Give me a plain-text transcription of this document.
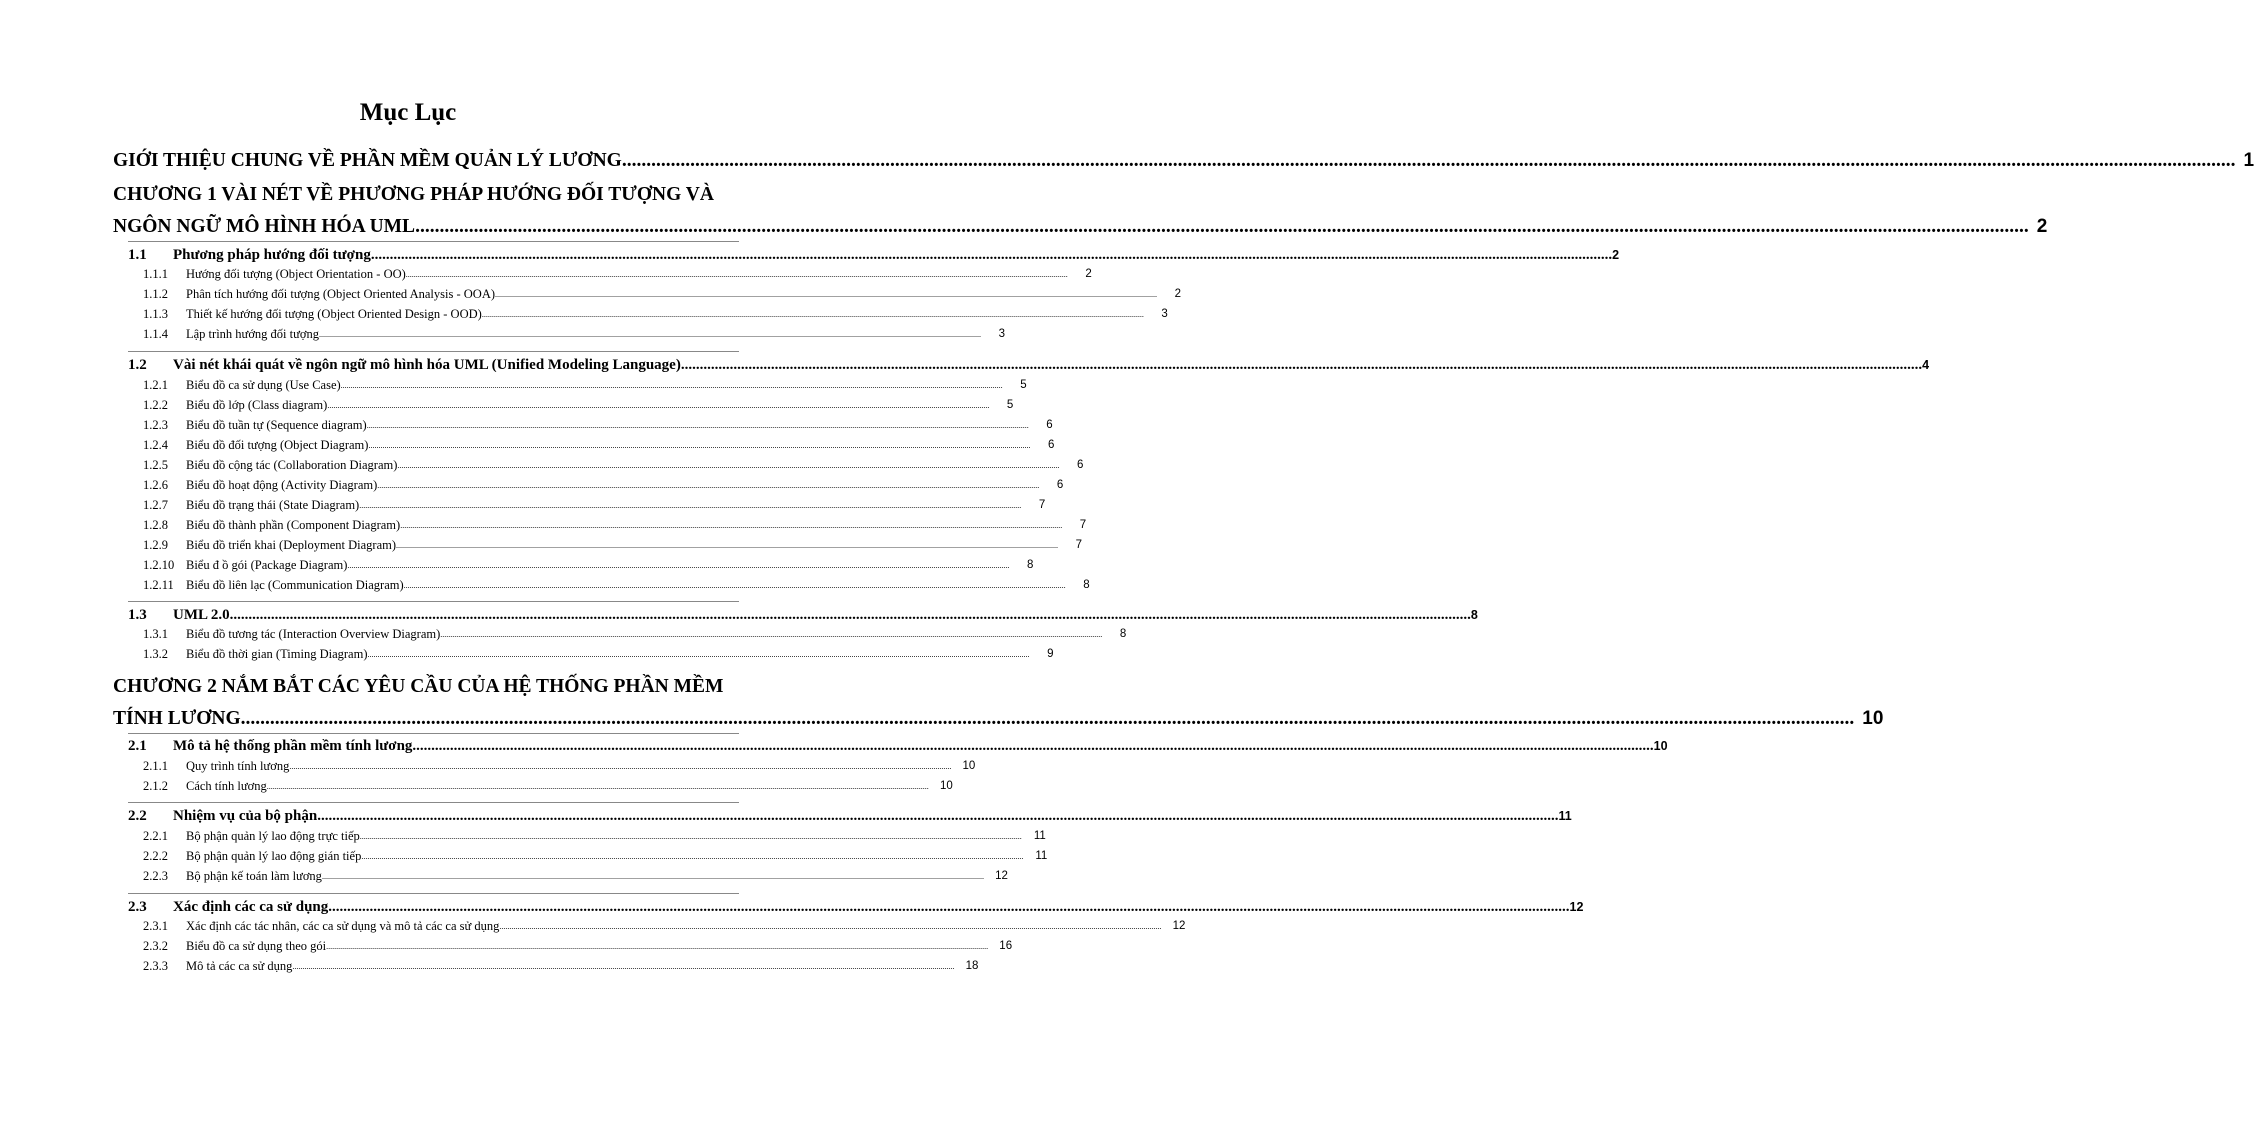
Mục Lục
GIỚI THIỆU CHUNG VỀ PHẦN MỀM QUẢN LÝ LƯƠNG .....	1
CHƯƠNG 1 VÀI NÉT VỀ PHƯƠNG PHÁP HƯỚNG ĐỐI TƯỢNG VÀ
NGÔN NGỮ MÔ HÌNH HÓA UML .....	2
1.1 Phương pháp hướng đối tượng .....	2
1.1.1 Hướng đối tượng (Object Orientation - OO) .....	2
1.1.2 Phân tích hướng đối tượng (Object Oriented Analysis - OOA) .....	2
1.1.3 Thiết kế hướng đối tượng (Object Oriented Design - OOD) .....	3
1.1.4 Lập trình hướng đối tượng .....	3
1.2 Vài nét khái quát về ngôn ngữ mô hình hóa UML (Unified Modeling Language) .....	4
1.2.1 Biểu đồ ca sử dụng (Use Case) .....	5
1.2.2 Biểu đồ lớp (Class diagram) .....	5
1.2.3 Biểu đồ tuần tự (Sequence diagram) .....	6
1.2.4 Biểu đồ đối tượng (Object Diagram) .....	6
1.2.5 Biểu đồ cộng tác (Collaboration Diagram) .....	6
1.2.6 Biểu đồ hoạt động (Activity Diagram) .....	6
1.2.7 Biểu đồ trạng thái (State Diagram) .....	7
1.2.8 Biểu đồ thành phần (Component Diagram) .....	7
1.2.9 Biểu đồ triển khai (Deployment Diagram) .....	7
1.2.10 Biểu đ ồ gói (Package Diagram) .....	8
1.2.11 Biểu đồ liên lạc (Communication Diagram) .....	8
1.3 UML 2.0 .....	8
1.3.1 Biểu đồ tương tác (Interaction Overview Diagram) .....	8
1.3.2 Biểu đồ thời gian (Timing Diagram) .....	9
CHƯƠNG 2 NẮM BẮT CÁC YÊU CẦU CỦA HỆ THỐNG PHẦN MỀM
TÍNH LƯƠNG .....	10
2.1 Mô tả hệ thống phần mềm tính lương .....	10
2.1.1 Quy trình tính lương .....	10
2.1.2 Cách tính lương .....	10
2.2 Nhiệm vụ của bộ phận .....	11
2.2.1 Bộ phận quản lý lao động trực tiếp .....	11
2.2.2 Bộ phận quản lý lao động gián tiếp .....	11
2.2.3 Bộ phận kế toán làm lương .....	12
2.3 Xác định các ca sử dụng .....	12
2.3.1 Xác định các tác nhân, các ca sử dụng và mô tả các ca sử dụng .....	12
2.3.2 Biểu đồ ca sử dụng theo gói .....	16
2.3.3 Mô tả các ca sử dụng .....	18
